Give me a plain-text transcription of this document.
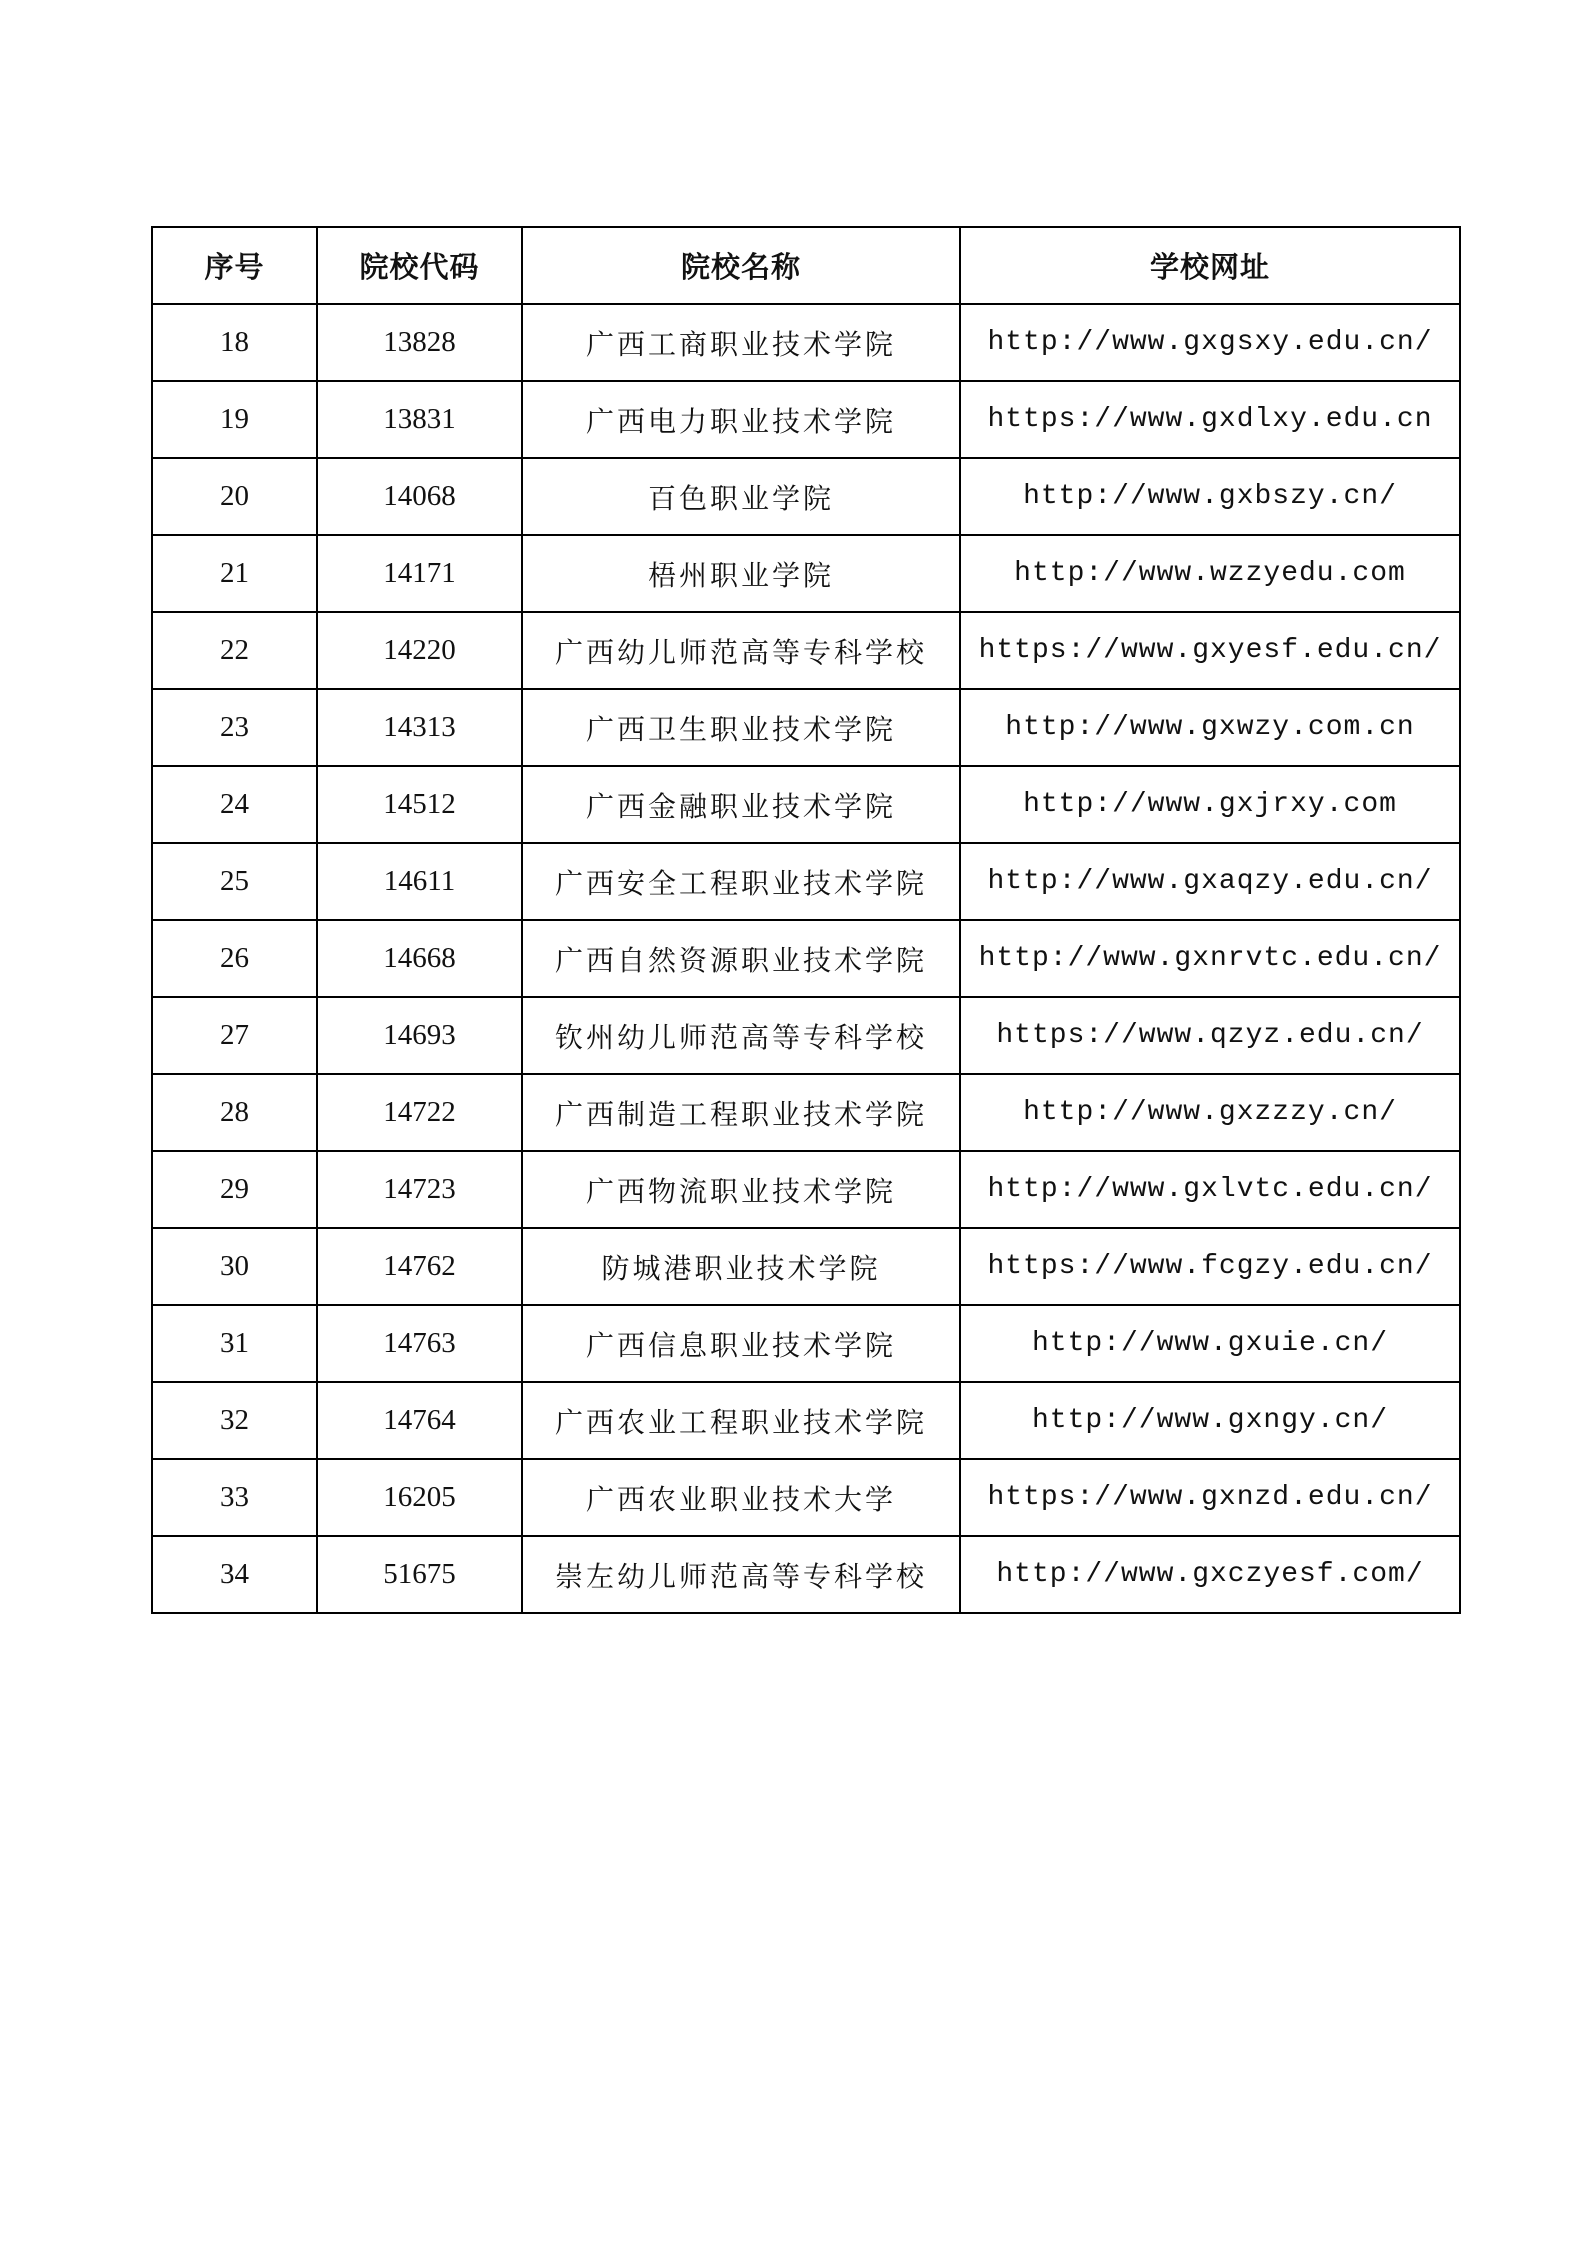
序号	院校代码	院校名称	学校网址
18	13828	广西工商职业技术学院	http://www.gxgsxy.edu.cn/
19	13831	广西电力职业技术学院	https://www.gxdlxy.edu.cn
20	14068	百色职业学院	http://www.gxbszy.cn/
21	14171	梧州职业学院	http://www.wzzyedu.com
22	14220	广西幼儿师范高等专科学校	https://www.gxyesf.edu.cn/
23	14313	广西卫生职业技术学院	http://www.gxwzy.com.cn
24	14512	广西金融职业技术学院	http://www.gxjrxy.com
25	14611	广西安全工程职业技术学院	http://www.gxaqzy.edu.cn/
26	14668	广西自然资源职业技术学院	http://www.gxnrvtc.edu.cn/
27	14693	钦州幼儿师范高等专科学校	https://www.qzyz.edu.cn/
28	14722	广西制造工程职业技术学院	http://www.gxzzzy.cn/
29	14723	广西物流职业技术学院	http://www.gxlvtc.edu.cn/
30	14762	防城港职业技术学院	https://www.fcgzy.edu.cn/
31	14763	广西信息职业技术学院	http://www.gxuie.cn/
32	14764	广西农业工程职业技术学院	http://www.gxngy.cn/
33	16205	广西农业职业技术大学	https://www.gxnzd.edu.cn/
34	51675	崇左幼儿师范高等专科学校	http://www.gxczyesf.com/
